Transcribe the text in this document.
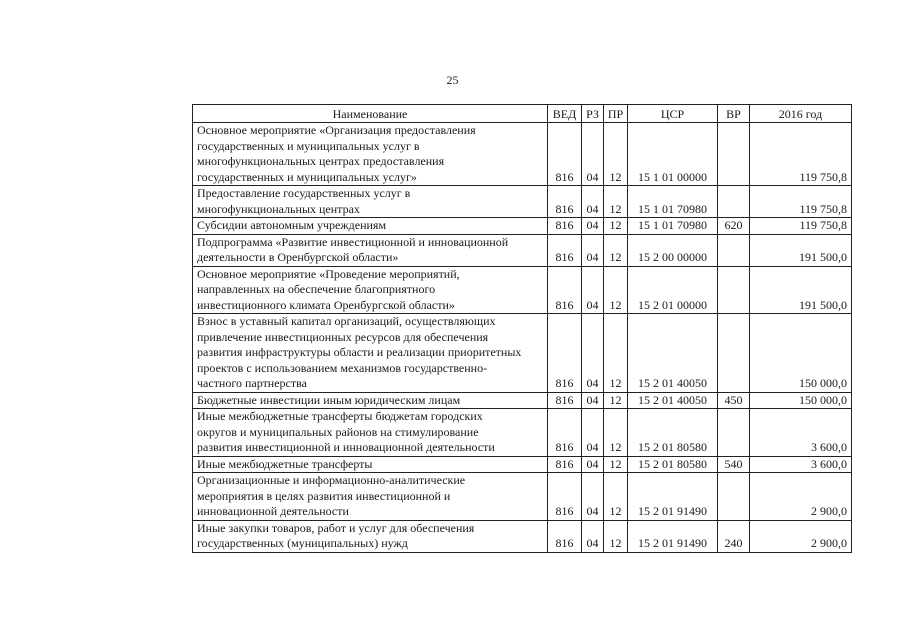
25
Наименование	ВЕД	РЗ	ПР	ЦСР	ВР	2016 год
Основное мероприятие «Организация предоставления
государственных и муниципальных услуг в
многофункциональных центрах предоставления
государственных и муниципальных услуг»	816	04	12	15 1 01 00000		119 750,8
Предоставление государственных услуг в
многофункциональных центрах	816	04	12	15 1 01 70980		119 750,8
Субсидии автономным учреждениям	816	04	12	15 1 01 70980	620	119 750,8
Подпрограмма «Развитие инвестиционной и инновационной
деятельности в Оренбургской области»	816	04	12	15 2 00 00000		191 500,0
Основное мероприятие «Проведение мероприятий,
направленных на обеспечение благоприятного
инвестиционного климата Оренбургской области»	816	04	12	15 2 01 00000		191 500,0
Взнос в уставный капитал организаций, осуществляющих
привлечение инвестиционных ресурсов для обеспечения
развития инфраструктуры области и реализации приоритетных
проектов с использованием механизмов государственно-
частного партнерства	816	04	12	15 2 01 40050		150 000,0
Бюджетные инвестиции иным юридическим лицам	816	04	12	15 2 01 40050	450	150 000,0
Иные межбюджетные трансферты бюджетам городских
округов и муниципальных районов на стимулирование
развития инвестиционной и инновационной деятельности	816	04	12	15 2 01 80580		3 600,0
Иные межбюджетные трансферты	816	04	12	15 2 01 80580	540	3 600,0
Организационные и информационно-аналитические
мероприятия в целях развития инвестиционной и
инновационной деятельности	816	04	12	15 2 01 91490		2 900,0
Иные закупки товаров, работ и услуг для обеспечения
государственных (муниципальных) нужд	816	04	12	15 2 01 91490	240	2 900,0
